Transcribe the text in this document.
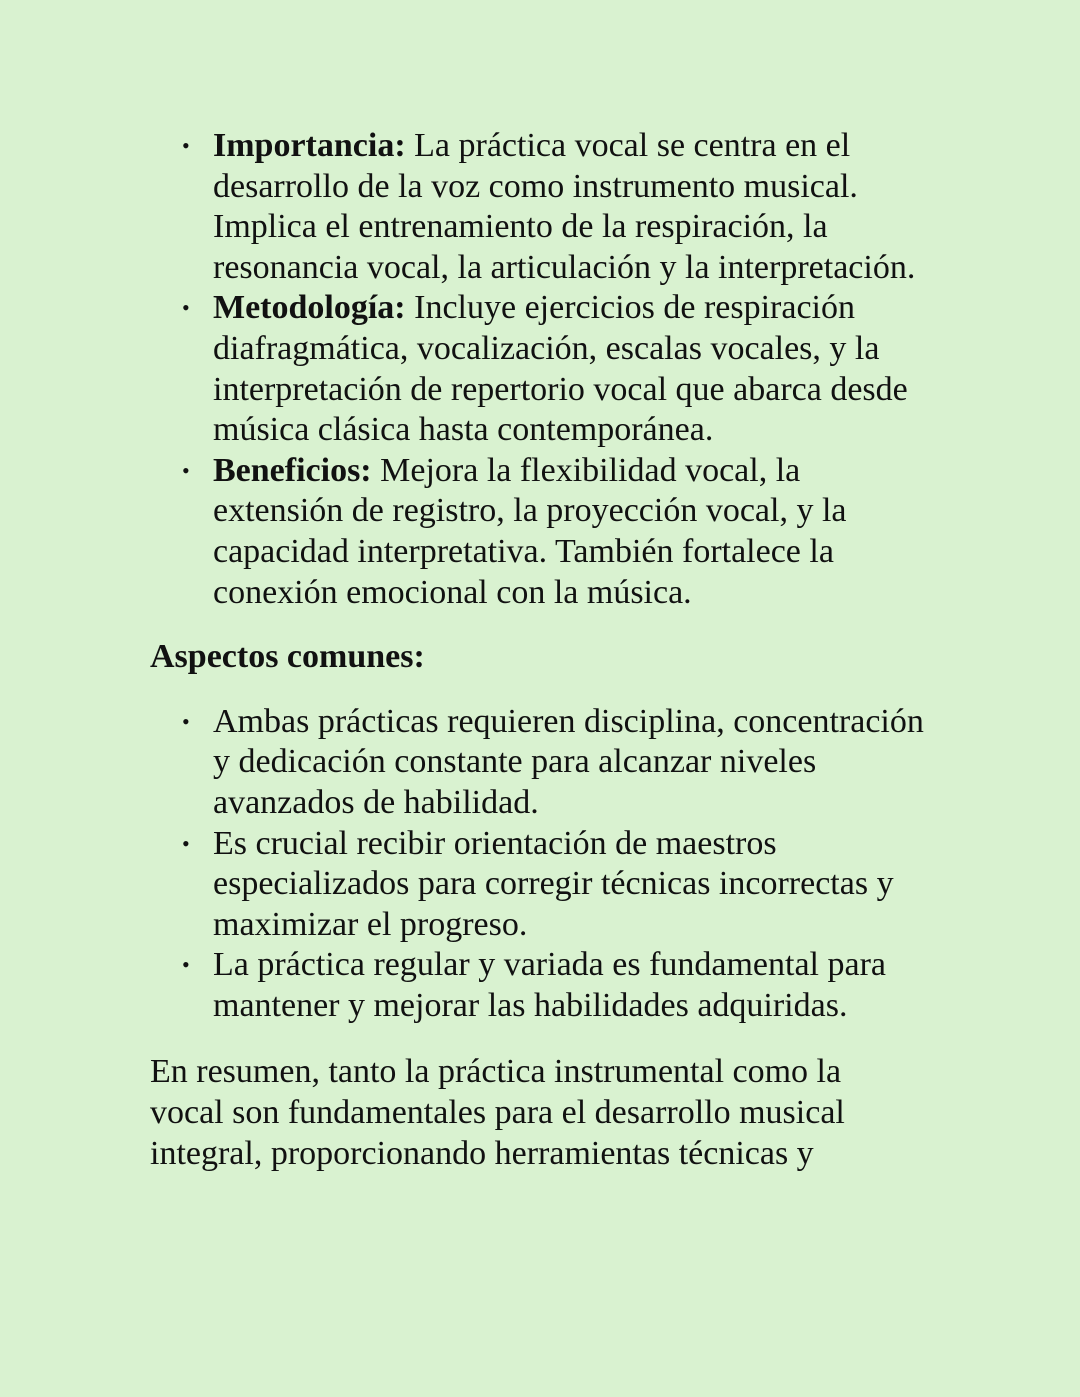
• Importancia: La práctica vocal se centra en el desarrollo de la voz como instrumento musical. Implica el entrenamiento de la respiración, la resonancia vocal, la articulación y la interpretación.
• Metodología: Incluye ejercicios de respiración diafragmática, vocalización, escalas vocales, y la interpretación de repertorio vocal que abarca desde música clásica hasta contemporánea.
• Beneficios: Mejora la flexibilidad vocal, la extensión de registro, la proyección vocal, y la capacidad interpretativa. También fortalece la conexión emocional con la música.
Aspectos comunes:
• Ambas prácticas requieren disciplina, concentración y dedicación constante para alcanzar niveles avanzados de habilidad.
• Es crucial recibir orientación de maestros especializados para corregir técnicas incorrectas y maximizar el progreso.
• La práctica regular y variada es fundamental para mantener y mejorar las habilidades adquiridas.

En resumen, tanto la práctica instrumental como la vocal son fundamentales para el desarrollo musical integral, proporcionando herramientas técnicas y
